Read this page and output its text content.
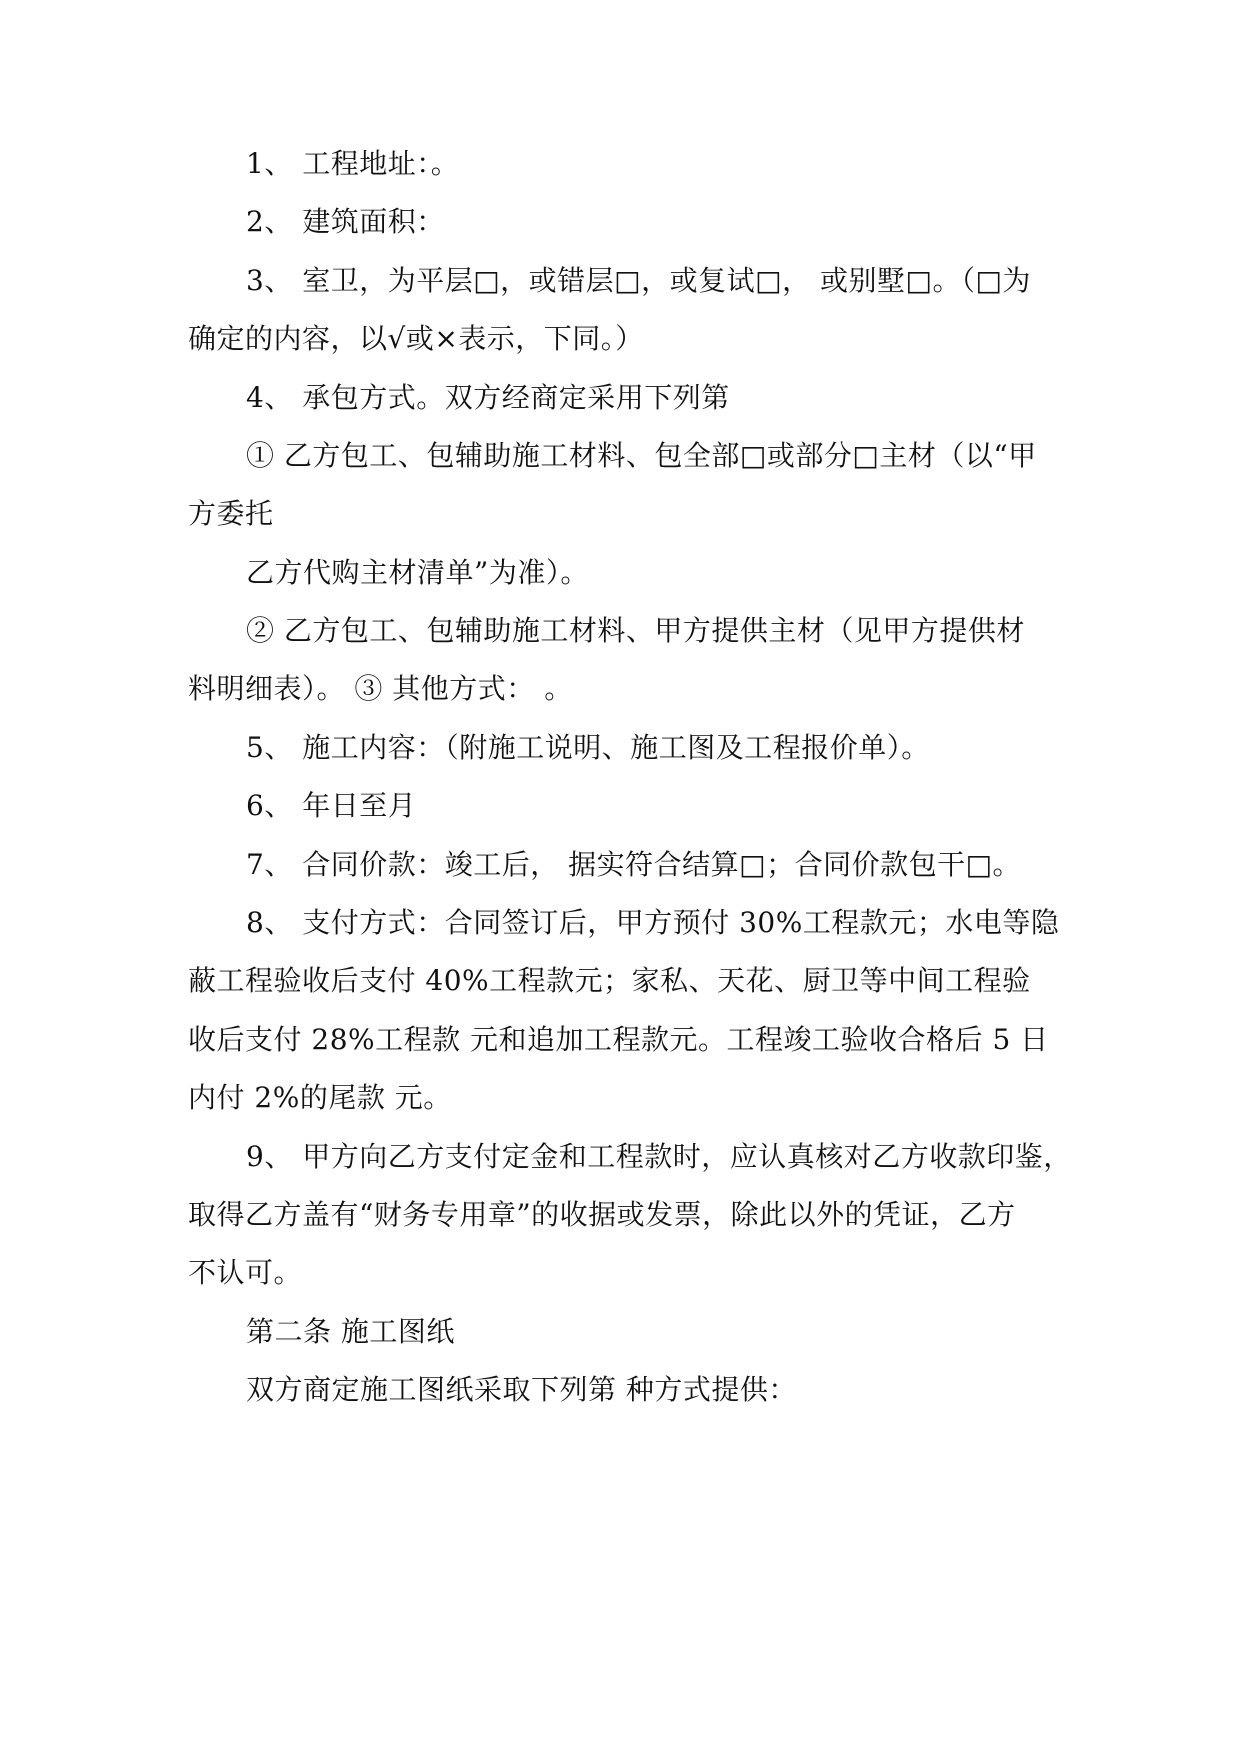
1、 工程地址：。
2、 建筑面积：
3、 室卫，为平层□，或错层□，或复试□， 或别墅□。（□为
确定的内容，以√或×表示，下同。）
4、 承包方式。双方经商定采用下列第
① 乙方包工、包辅助施工材料、包全部□或部分□主材（以“甲
方委托
乙方代购主材清单”为准）。
② 乙方包工、包辅助施工材料、甲方提供主材（见甲方提供材
料明细表）。 ③ 其他方式： 。
5、 施工内容：（附施工说明、施工图及工程报价单）。
6、 年日至月
7、 合同价款：竣工后， 据实符合结算□；合同价款包干□。
8、 支付方式：合同签订后，甲方预付 30%工程款元；水电等隐
蔽工程验收后支付 40%工程款元；家私、天花、厨卫等中间工程验
收后支付 28%工程款 元和追加工程款元。工程竣工验收合格后 5 日
内付 2%的尾款 元。
9、 甲方向乙方支付定金和工程款时，应认真核对乙方收款印鉴，
取得乙方盖有“财务专用章”的收据或发票，除此以外的凭证，乙方
不认可。
第二条 施工图纸
双方商定施工图纸采取下列第 种方式提供：
